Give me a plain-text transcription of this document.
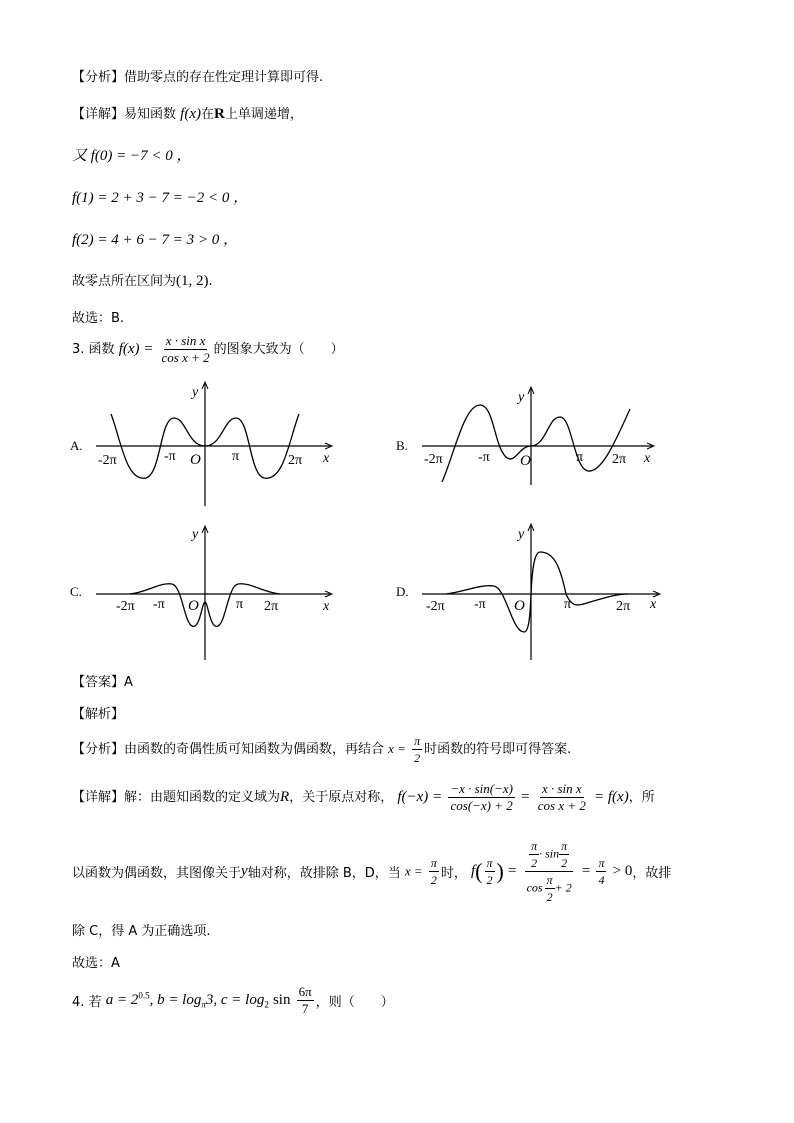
【分析】借助零点的存在性定理计算即可得.
【详解】易知函数 f(x)在R上单调递增，
又 f(0) = −7 < 0 ，
f(1) = 2 + 3 − 7 = −2 < 0 ，
f(2) = 4 + 6 − 7 = 3 > 0 ，
故零点所在区间为(1, 2).
故选：B.
3. 函数 $f(x) = \frac{\text{x · sin x}}{\text{cos x + 2}}$ 的图象大致为（　　）
A.
y
x
O
-2π	-π	π	2π
B.
y
x
O
-2π	-π	π 2π
C.
y
x
O
-2π -π	π 2π
D.
y
x
O
-2π -π	π	2π
【答案】A
【解析】
【分析】由函数的奇偶性质可知函数为偶函数，再结合 $x = \frac{\pi}{2}$ 时函数的符号即可得答案.
【详解】解：由题知函数的定义域为R，关于原点对称， $f(-x) = \frac{-x \cdot \sin(-x)}{\cos(-x) + 2} = \frac{\text{x · sin x}}{\text{cos x + 2}} = f(x)$，所
以函数为偶函数，其图像关于y轴对称，故排除 B，D，当 $x = \frac{\pi}{2}$ 时， $f( \frac{\pi}{2}$ ) = $\frac{\frac{\pi}{2} \cdot \sin \frac{\pi}{2}}{\cos \frac{\pi}{2} + 2} = \frac{\pi}{4} > 0$，故排
除 C，得 A 为正确选项.
故选：A
4. 若 $a = 2^{0.5}$, $b = \log_\pi 3$, $c = \log_2 \sin \frac{6\pi}{7}$ ，则（　　）
